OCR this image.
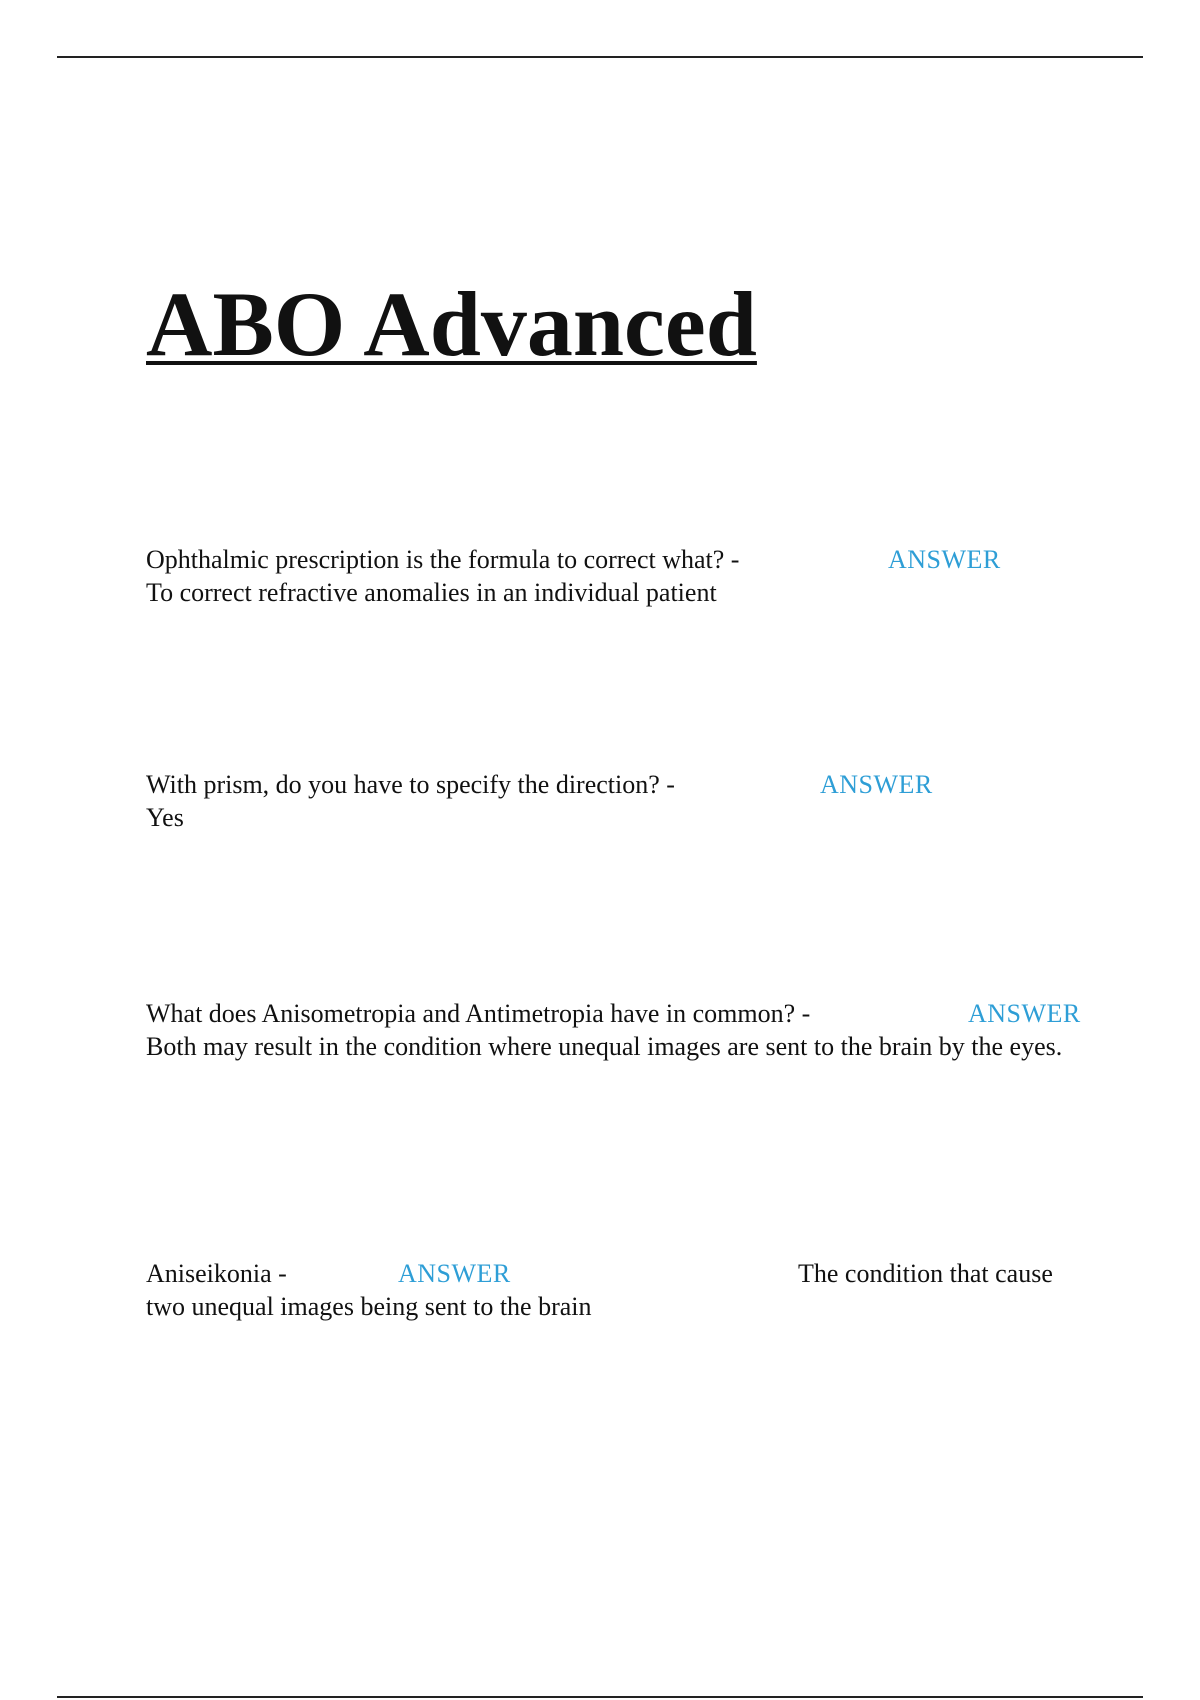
ABO Advanced
Ophthalmic prescription is the formula to correct what? -	ANSWER
To correct refractive anomalies in an individual patient
With prism, do you have to specify the direction? -	ANSWER
Yes
What does Anisometropia and Antimetropia have in common? -	ANSWER
Both may result in the condition where unequal images are sent to the brain by the eyes.
Aniseikonia -	ANSWER	The condition that cause
two unequal images being sent to the brain
